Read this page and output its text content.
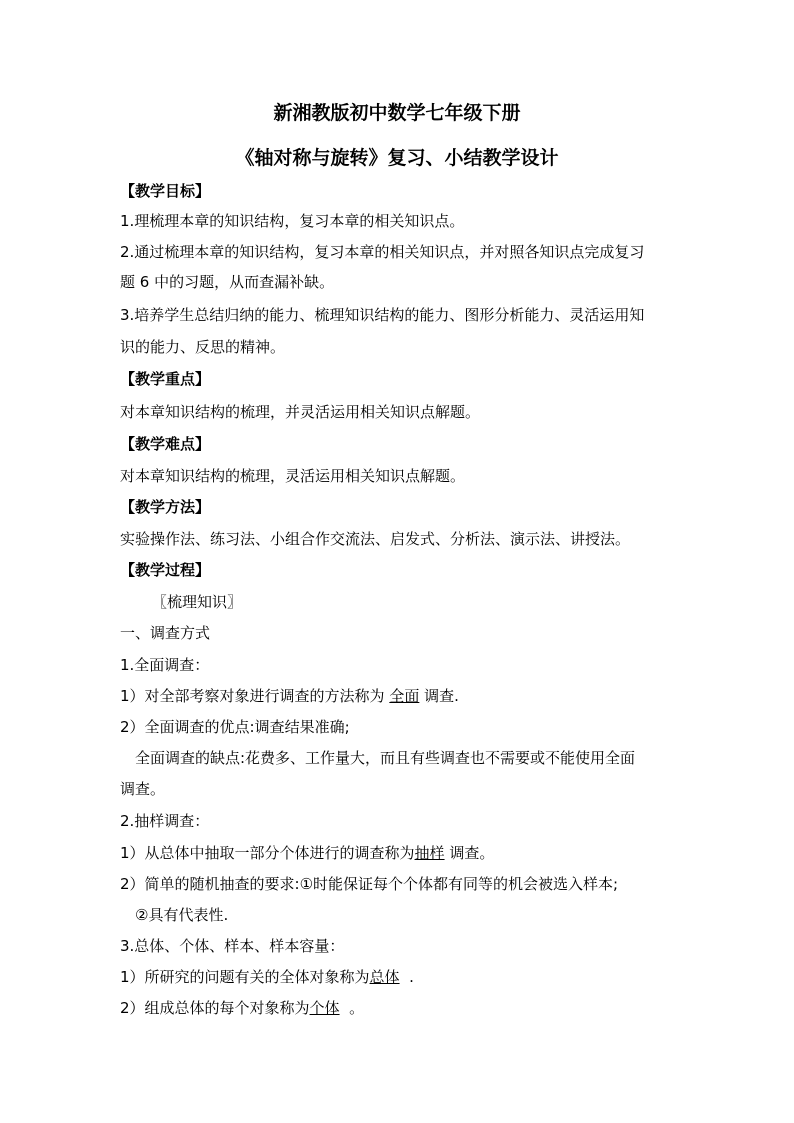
新湘教版初中数学七年级下册
《轴对称与旋转》复习、小结教学设计
【教学目标】
1.理梳理本章的知识结构，复习本章的相关知识点。
2.通过梳理本章的知识结构，复习本章的相关知识点，并对照各知识点完成复习
题 6 中的习题，从而查漏补缺。
3.培养学生总结归纳的能力、梳理知识结构的能力、图形分析能力、灵活运用知
识的能力、反思的精神。
【教学重点】
对本章知识结构的梳理，并灵活运用相关知识点解题。
【教学难点】
对本章知识结构的梳理，灵活运用相关知识点解题。
【教学方法】
实验操作法、练习法、小组合作交流法、启发式、分析法、演示法、讲授法。
【教学过程】
〖梳理知识〗
一、调查方式
1.全面调查：
1）对全部考察对象进行调查的方法称为 全面 调查.
2）全面调查的优点:调查结果准确;
全面调查的缺点:花费多、工作量大，而且有些调查也不需要或不能使用全面
调查。
2.抽样调查：
1）从总体中抽取一部分个体进行的调查称为抽样 调查。
2）简单的随机抽查的要求:①时能保证每个个体都有同等的机会被选入样本;
②具有代表性.
3.总体、个体、样本、样本容量：
1）所研究的问题有关的全体对象称为总体 .
2）组成总体的每个对象称为个体 。
